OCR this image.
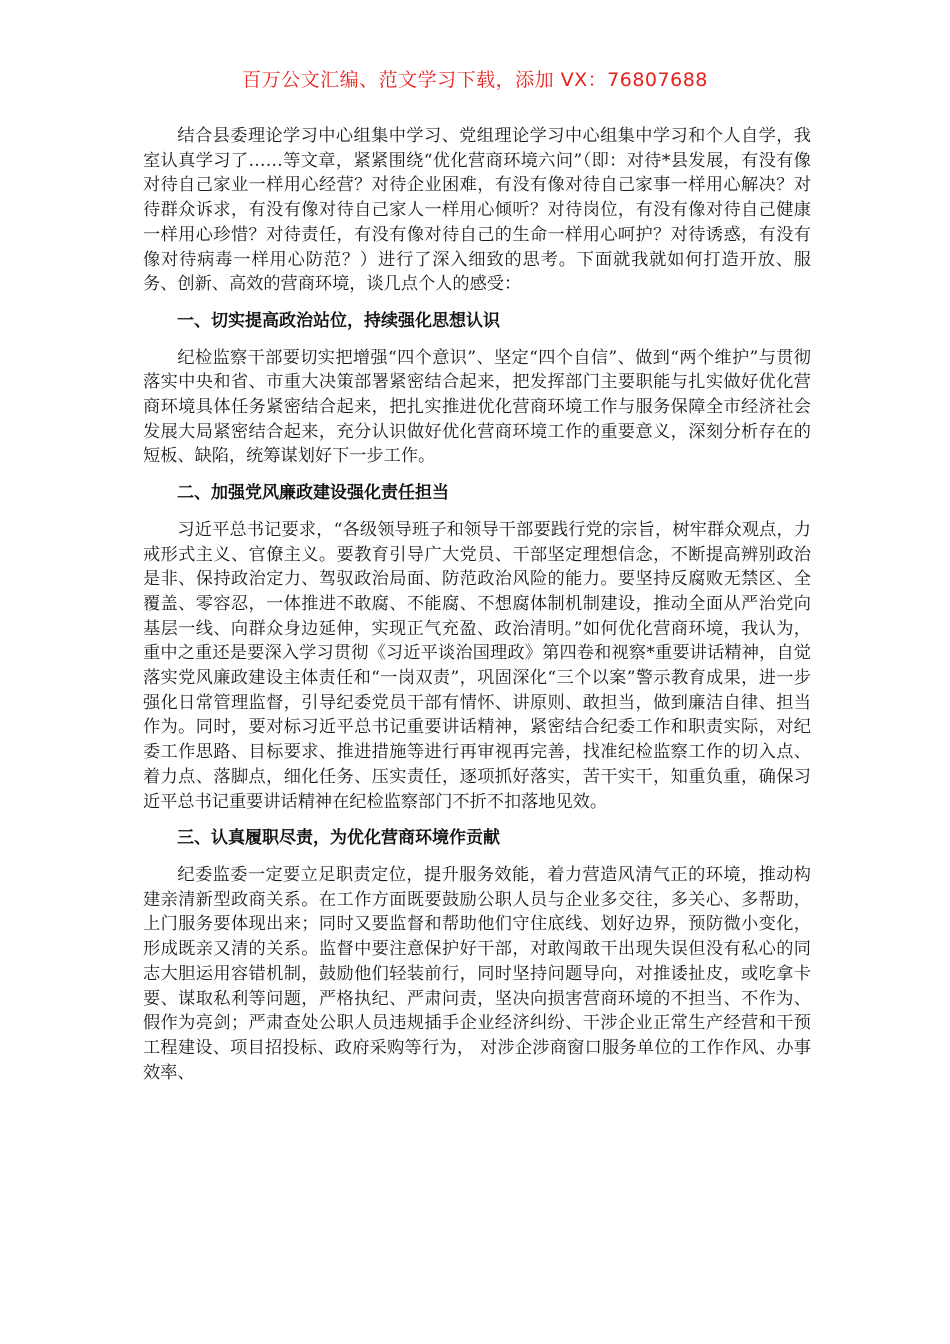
百万公文汇编、范文学习下载，添加 VX：76807688

结合县委理论学习中心组集中学习、党组理论学习中心组集中学习和个人自学，我室认真学习了……等文章，紧紧围绕“优化营商环境六问”（即：对待*县发展，有没有像对待自己家业一样用心经营？对待企业困难，有没有像对待自己家事一样用心解决？对待群众诉求，有没有像对待自己家人一样用心倾听？对待岗位，有没有像对待自己健康一样用心珍惜？对待责任，有没有像对待自己的生命一样用心呵护？对待诱惑，有没有像对待病毒一样用心防范？）进行了深入细致的思考。下面就我就如何打造开放、服务、创新、高效的营商环境，谈几点个人的感受：

一、切实提高政治站位，持续强化思想认识

纪检监察干部要切实把增强“四个意识”、坚定“四个自信”、做到“两个维护”与贯彻落实中央和省、市重大决策部署紧密结合起来，把发挥部门主要职能与扎实做好优化营商环境具体任务紧密结合起来，把扎实推进优化营商环境工作与服务保障全市经济社会发展大局紧密结合起来，充分认识做好优化营商环境工作的重要意义，深刻分析存在的短板、缺陷，统筹谋划好下一步工作。

二、加强党风廉政建设强化责任担当

习近平总书记要求，“各级领导班子和领导干部要践行党的宗旨，树牢群众观点，力戒形式主义、官僚主义。要教育引导广大党员、干部坚定理想信念，不断提高辨别政治是非、保持政治定力、驾驭政治局面、防范政治风险的能力。要坚持反腐败无禁区、全覆盖、零容忍，一体推进不敢腐、不能腐、不想腐体制机制建设，推动全面从严治党向基层一线、向群众身边延伸，实现正气充盈、政治清明。”如何优化营商环境，我认为，重中之重还是要深入学习贯彻《习近平谈治国理政》第四卷和视察*重要讲话精神，自觉落实党风廉政建设主体责任和“一岗双责”，巩固深化“三个以案”警示教育成果，进一步强化日常管理监督，引导纪委党员干部有情怀、讲原则、敢担当，做到廉洁自律、担当作为。同时，要对标习近平总书记重要讲话精神，紧密结合纪委工作和职责实际，对纪委工作思路、目标要求、推进措施等进行再审视再完善，找准纪检监察工作的切入点、着力点、落脚点，细化任务、压实责任，逐项抓好落实，苦干实干，知重负重，确保习近平总书记重要讲话精神在纪检监察部门不折不扣落地见效。

三、认真履职尽责，为优化营商环境作贡献

纪委监委一定要立足职责定位，提升服务效能，着力营造风清气正的环境，推动构建亲清新型政商关系。在工作方面既要鼓励公职人员与企业多交往，多关心、多帮助，上门服务要体现出来；同时又要监督和帮助他们守住底线、划好边界，预防微小变化，形成既亲又清的关系。监督中要注意保护好干部，对敢闯敢干出现失误但没有私心的同志大胆运用容错机制，鼓励他们轻装前行，同时坚持问题导向，对推诿扯皮，或吃拿卡要、谋取私利等问题，严格执纪、严肃问责，坚决向损害营商环境的不担当、不作为、假作为亮剑；严肃查处公职人员违规插手企业经济纠纷、干涉企业正常生产经营和干预工程建设、项目招投标、政府采购等行为， 对涉企涉商窗口服务单位的工作作风、办事效率、
